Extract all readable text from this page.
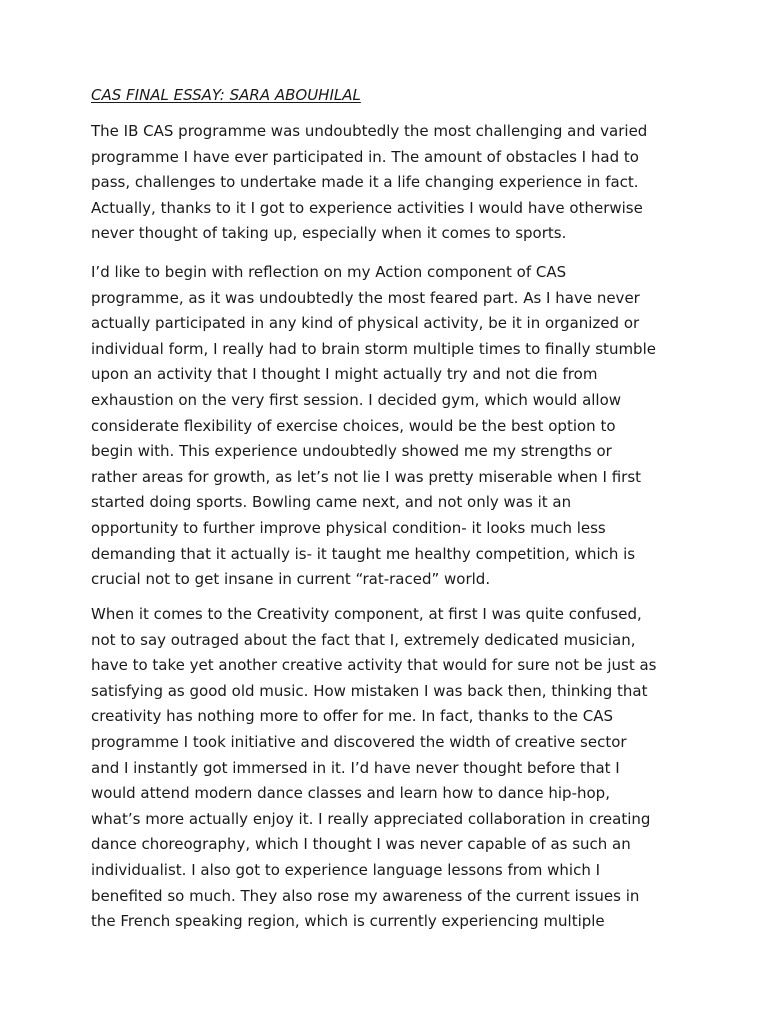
CAS FINAL ESSAY: SARA ABOUHILAL

The IB CAS programme was undoubtedly the most challenging and varied
programme I have ever participated in. The amount of obstacles I had to
pass, challenges to undertake made it a life changing experience in fact.
Actually, thanks to it I got to experience activities I would have otherwise
never thought of taking up, especially when it comes to sports.

I’d like to begin with reflection on my Action component of CAS
programme, as it was undoubtedly the most feared part. As I have never
actually participated in any kind of physical activity, be it in organized or
individual form, I really had to brain storm multiple times to finally stumble
upon an activity that I thought I might actually try and not die from
exhaustion on the very first session. I decided gym, which would allow
considerate flexibility of exercise choices, would be the best option to
begin with. This experience undoubtedly showed me my strengths or
rather areas for growth, as let’s not lie I was pretty miserable when I first
started doing sports. Bowling came next, and not only was it an
opportunity to further improve physical condition- it looks much less
demanding that it actually is- it taught me healthy competition, which is
crucial not to get insane in current “rat-raced” world.

When it comes to the Creativity component, at first I was quite confused,
not to say outraged about the fact that I, extremely dedicated musician,
have to take yet another creative activity that would for sure not be just as
satisfying as good old music. How mistaken I was back then, thinking that
creativity has nothing more to offer for me. In fact, thanks to the CAS
programme I took initiative and discovered the width of creative sector
and I instantly got immersed in it. I’d have never thought before that I
would attend modern dance classes and learn how to dance hip-hop,
what’s more actually enjoy it. I really appreciated collaboration in creating
dance choreography, which I thought I was never capable of as such an
individualist. I also got to experience language lessons from which I
benefited so much. They also rose my awareness of the current issues in
the French speaking region, which is currently experiencing multiple
